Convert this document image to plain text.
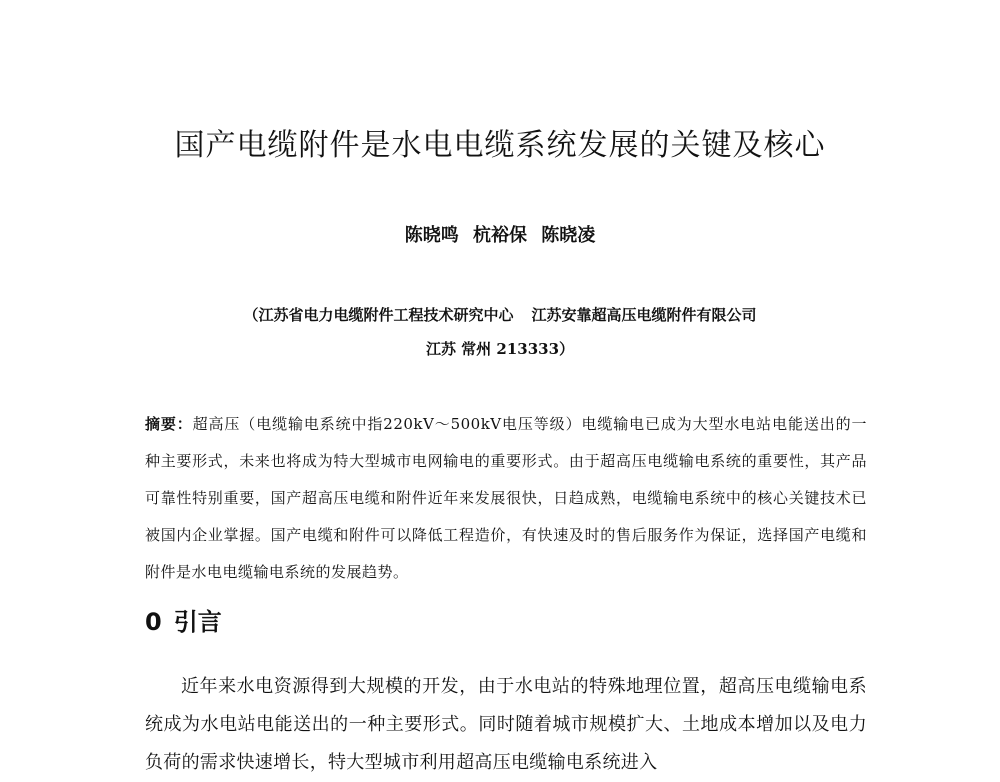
国产电缆附件是水电电缆系统发展的关键及核心
陈晓鸣 杭裕保 陈晓凌
（江苏省电力电缆附件工程技术研究中心 江苏安靠超高压电缆附件有限公司
江苏 常州 213333）
摘要：超高压（电缆输电系统中指220kV～500kV电压等级）电缆输电已成为大型水电站电能送出的一种主要形式，未来也将成为特大型城市电网输电的重要形式。由于超高压电缆输电系统的重要性，其产品可靠性特别重要，国产超高压电缆和附件近年来发展很快，日趋成熟，电缆输电系统中的核心关键技术已被国内企业掌握。国产电缆和附件可以降低工程造价，有快速及时的售后服务作为保证，选择国产电缆和附件是水电电缆输电系统的发展趋势。
0 引言
近年来水电资源得到大规模的开发，由于水电站的特殊地理位置，超高压电缆输电系统成为水电站电能送出的一种主要形式。同时随着城市规模扩大、土地成本增加以及电力负荷的需求快速增长，特大型城市利用超高压电缆输电系统进入
